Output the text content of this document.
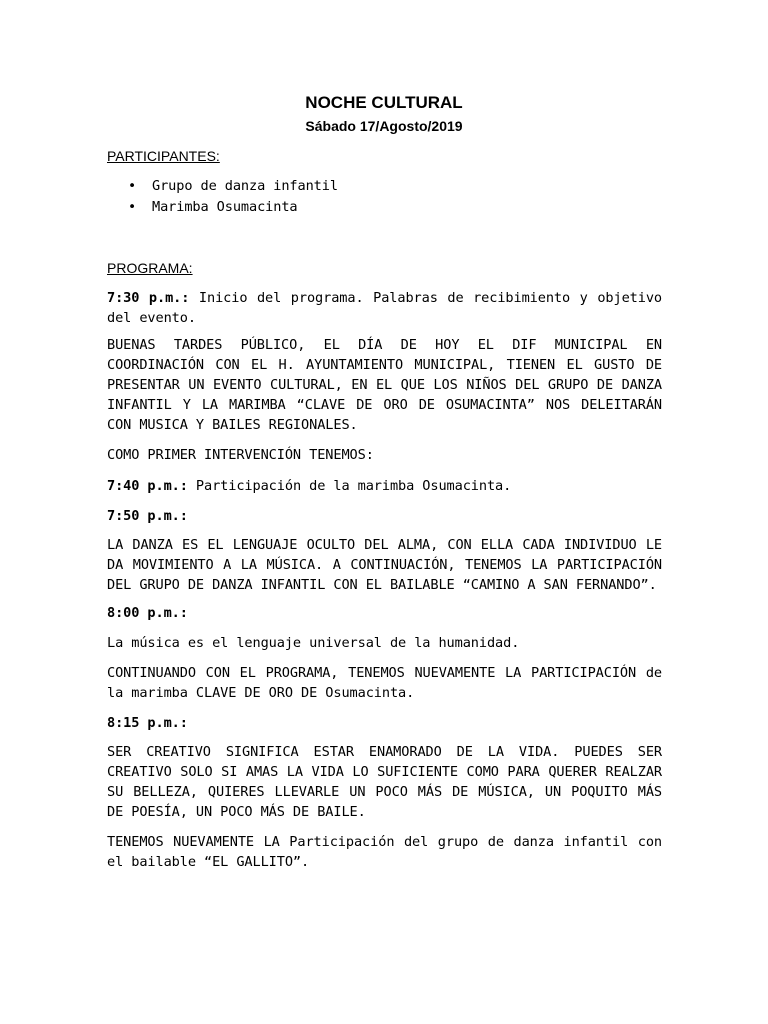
NOCHE CULTURAL
Sábado 17/Agosto/2019
PARTICIPANTES:
• Grupo de danza infantil
• Marimba Osumacinta
PROGRAMA:

7:30 p.m.: Inicio del programa. Palabras de recibimiento y objetivo del evento.

BUENAS TARDES PÚBLICO, EL DÍA DE HOY EL DIF MUNICIPAL EN COORDINACIÓN CON EL H. AYUNTAMIENTO MUNICIPAL, TIENEN EL GUSTO DE PRESENTAR UN EVENTO CULTURAL, EN EL QUE LOS NIÑOS DEL GRUPO DE DANZA INFANTIL Y LA MARIMBA “CLAVE DE ORO DE OSUMACINTA” NOS DELEITARÁN CON MUSICA Y BAILES REGIONALES.

COMO PRIMER INTERVENCIÓN TENEMOS:

7:40 p.m.: Participación de la marimba Osumacinta.

7:50 p.m.:

LA DANZA ES EL LENGUAJE OCULTO DEL ALMA, CON ELLA CADA INDIVIDUO LE DA MOVIMIENTO A LA MÚSICA. A CONTINUACIÓN, TENEMOS LA PARTICIPACIÓN DEL GRUPO DE DANZA INFANTIL CON EL BAILABLE “CAMINO A SAN FERNANDO”.

8:00 p.m.:

La música es el lenguaje universal de la humanidad.

CONTINUANDO CON EL PROGRAMA, TENEMOS NUEVAMENTE LA PARTICIPACIÓN de la marimba CLAVE DE ORO DE Osumacinta.

8:15 p.m.:

SER CREATIVO SIGNIFICA ESTAR ENAMORADO DE LA VIDA. PUEDES SER CREATIVO SOLO SI AMAS LA VIDA LO SUFICIENTE COMO PARA QUERER REALZAR SU BELLEZA, QUIERES LLEVARLE UN POCO MÁS DE MÚSICA, UN POQUITO MÁS DE POESÍA, UN POCO MÁS DE BAILE.

TENEMOS NUEVAMENTE LA Participación del grupo de danza infantil con el bailable “EL GALLITO”.
